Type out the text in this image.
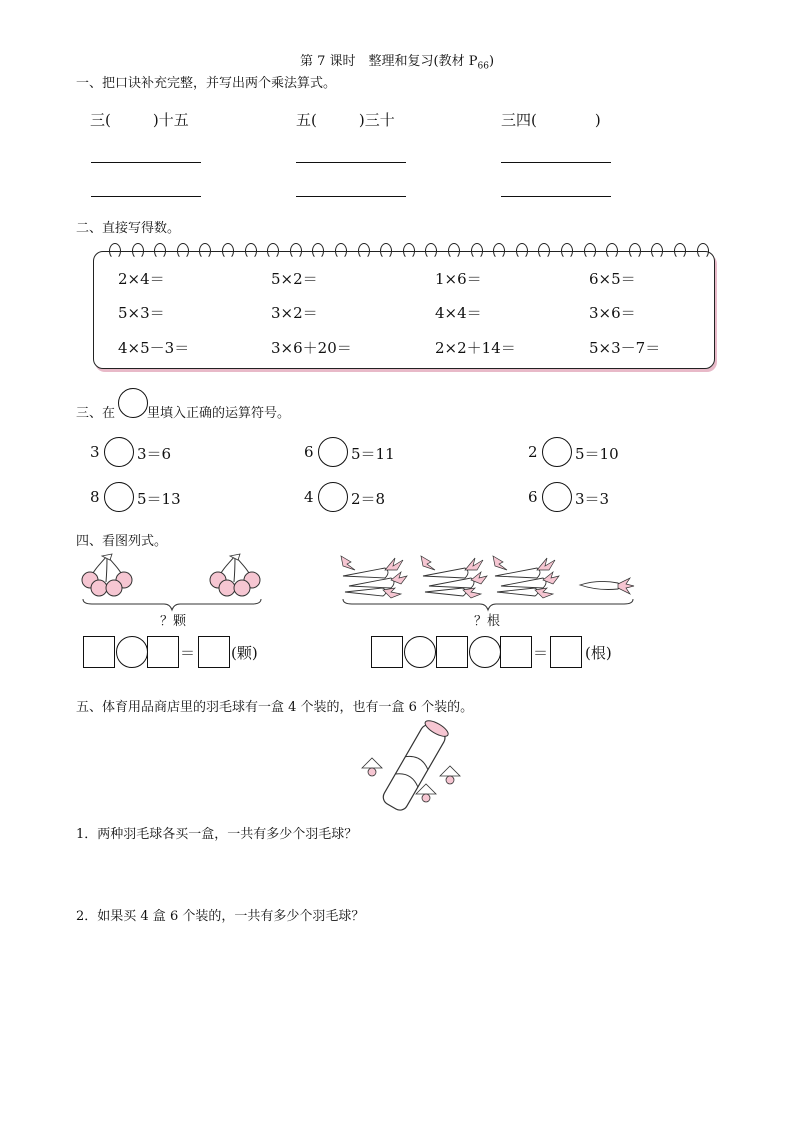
第 7 课时　整理和复习(教材 $P_{66}$)
一、把口诀补充完整，并写出两个乘法算式。
三(	)十五	五(	)三十	三四(	)
二、直接写得数。
2×4＝	5×2＝	1×6＝	6×5＝
5×3＝	3×2＝	4×4＝	3×6＝
4×5－3＝	3×6＋20＝	2×2＋14＝	5×3－7＝
三、在 里填入正确的运算符号。
3 3＝6	6 5＝11	2 5＝10
8 5＝13	4 2＝8	6 3＝3
四、看图列式。
？颗	？根
＝ (颗)	＝ (根)
五、体育用品商店里的羽毛球有一盒 4 个装的，也有一盒 6 个装的。
1．两种羽毛球各买一盒，一共有多少个羽毛球？
2．如果买 4 盒 6 个装的，一共有多少个羽毛球？
